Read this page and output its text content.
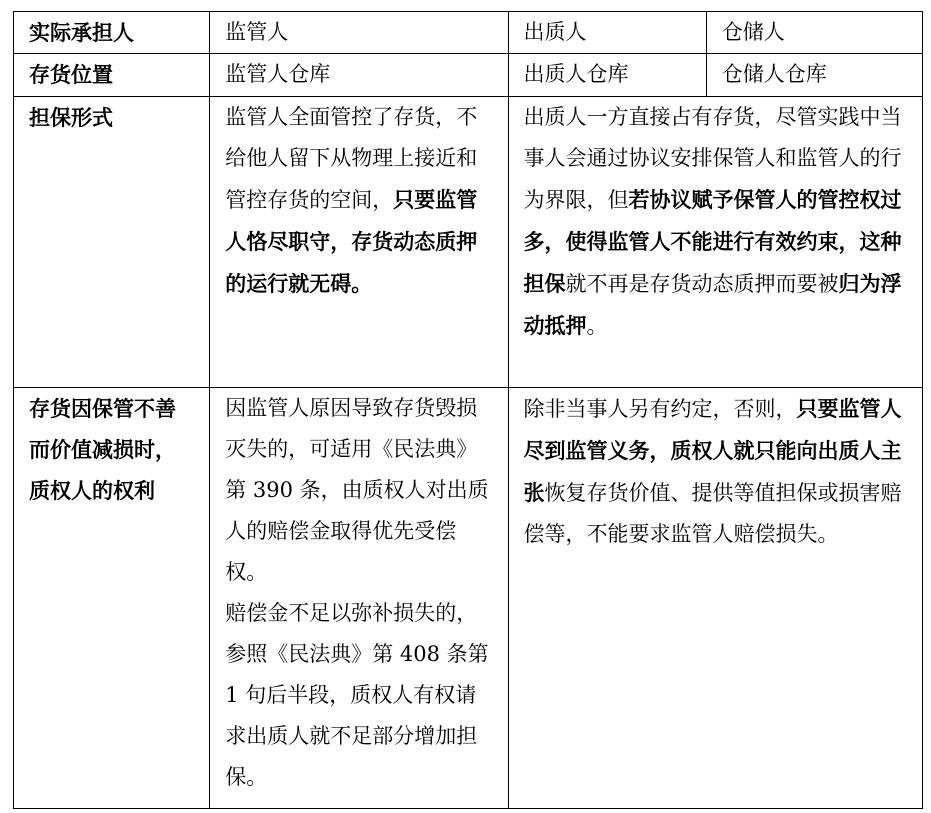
实际承担人	监管人	出质人	仓储人

存货位置	监管人仓库	出质人仓库	仓储人仓库

担保形式	监管人全面管控了存货，不给他人留下从物理上接近和管控存货的空间，只要监管人恪尽职守，存货动态质押的运行就无碍。	出质人一方直接占有存货，尽管实践中当事人会通过协议安排保管人和监管人的行为界限，但若协议赋予保管人的管控权过多，使得监管人不能进行有效约束，这种担保就不再是存货动态质押而要被归为浮动抵押。	

存货因保管不善而价值减损时，质权人的权利	因监管人原因导致存货毁损灭失的，可适用《民法典》第 390 条，由质权人对出质人的赔偿金取得优先受偿权。
赔偿金不足以弥补损失的，参照《民法典》第 408 条第 1 句后半段，质权人有权请求出质人就不足部分增加担保。	除非当事人另有约定，否则，只要监管人尽到监管义务，质权人就只能向出质人主张恢复存货价值、提供等值担保或损害赔偿等，不能要求监管人赔偿损失。	
